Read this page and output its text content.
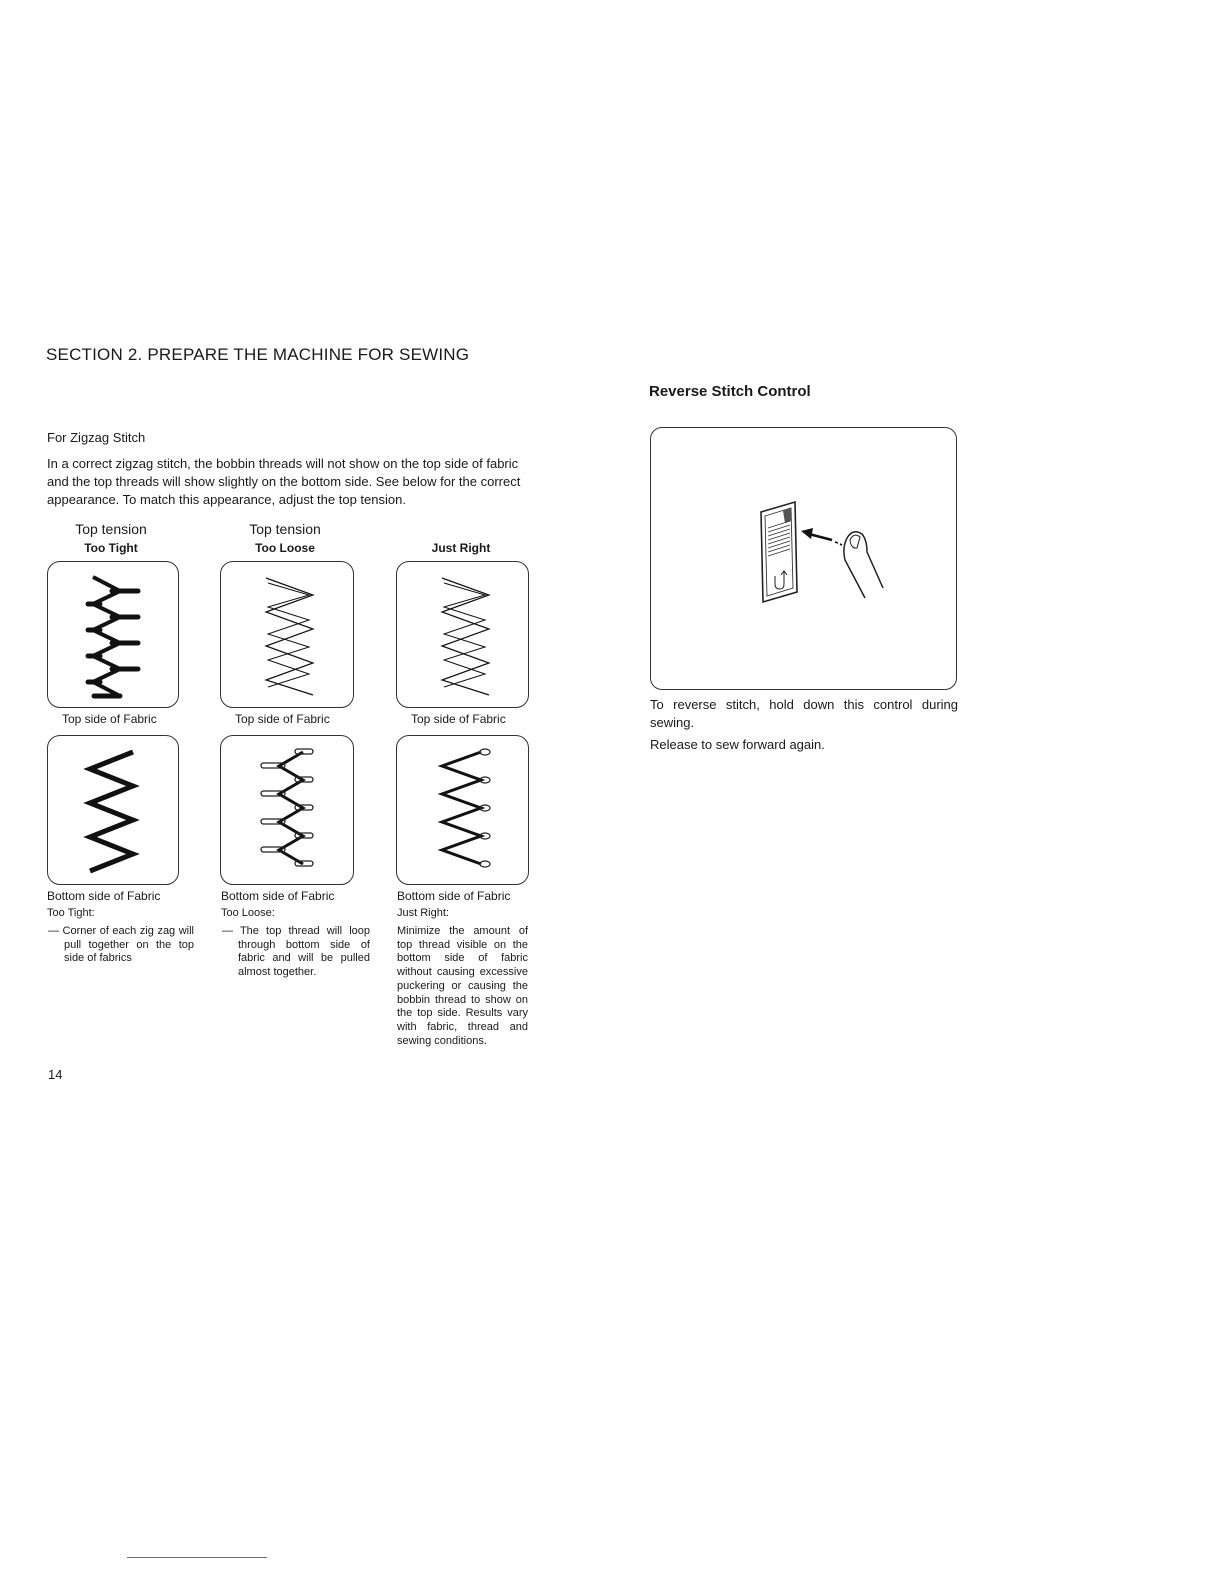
SECTION 2. PREPARE THE MACHINE FOR SEWING
Reverse Stitch Control
For Zigzag Stitch
In a correct zigzag stitch, the bobbin threads will not show on the top side of fabric and the top threads will show slightly on the bottom side. See below for the correct appearance. To match this appearance, adjust the top tension.
Top tension
Too Tight
Top tension
Too Loose	Just Right
Top side of Fabric	Top side of Fabric	Top side of Fabric
Bottom side of Fabric	Bottom side of Fabric	Bottom side of Fabric
Too Tight:
— Corner of each zig zag will pull together on the top side of fabrics
Too Loose:
— The top thread will loop through bottom side of fabric and will be pulled almost together.
Just Right:
Minimize the amount of top thread visible on the bottom side of fabric without causing excessive puckering or causing the bobbin thread to show on the top side. Results vary with fabric, thread and sewing conditions.
To reverse stitch, hold down this control during sewing.
Release to sew forward again.
14
